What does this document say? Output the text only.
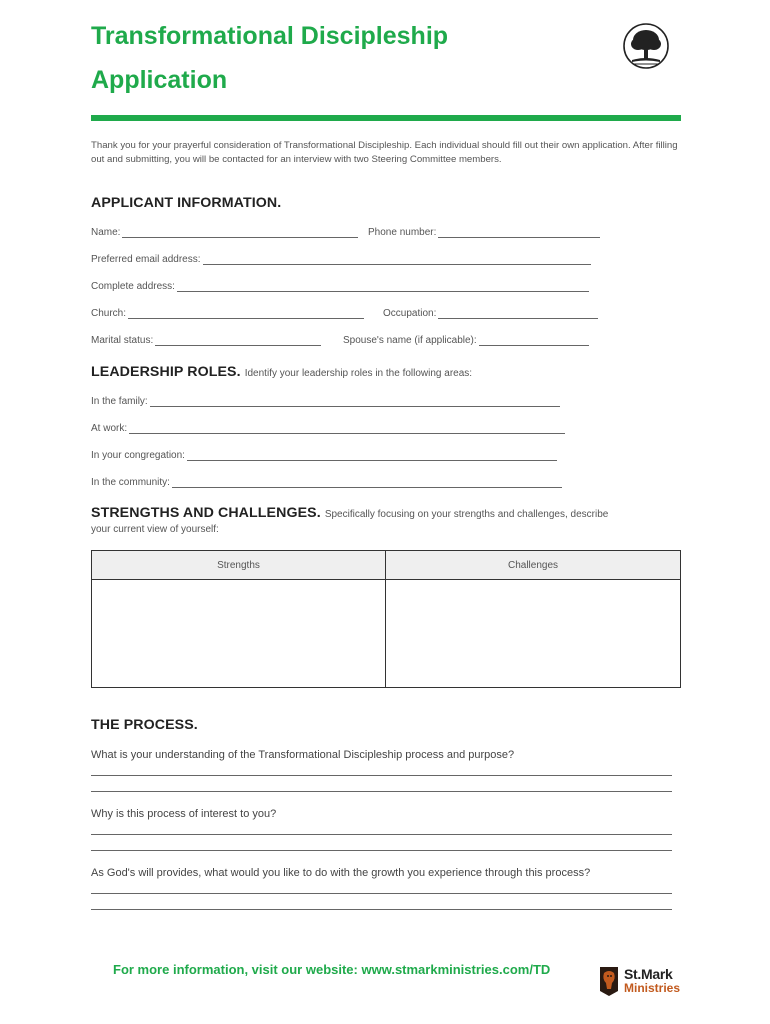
Transformational Discipleship
Application
Thank you for your prayerful consideration of Transformational Discipleship. Each individual should fill out their own application. After filling out and submitting, you will be contacted for an interview with two Steering Committee members.
APPLICANT INFORMATION.
Name:	Phone number:
Preferred email address:
Complete address:
Church:	Occupation:
Marital status:	Spouse's name (if applicable):
LEADERSHIP ROLES. Identify your leadership roles in the following areas:
In the family:
At work:
In your congregation:
In the community:
STRENGTHS AND CHALLENGES. Specifically focusing on your strengths and challenges, describe
your current view of yourself:
Strengths	Challenges

THE PROCESS.
What is your understanding of the Transformational Discipleship process and purpose?
Why is this process of interest to you?
As God's will provides, what would you like to do with the growth you experience through this process?
For more information, visit our website: www.stmarkministries.com/TD	St.Mark
Ministries
